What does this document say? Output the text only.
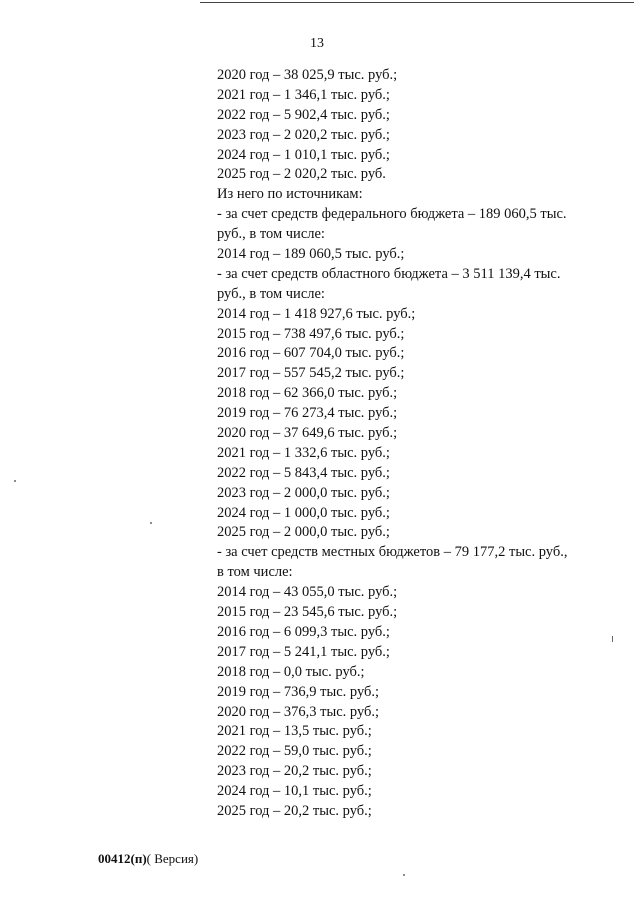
13
2020 год – 38 025,9 тыс. руб.;
2021 год – 1 346,1 тыс. руб.;
2022 год – 5 902,4 тыс. руб.;
2023 год – 2 020,2 тыс. руб.;
2024 год – 1 010,1 тыс. руб.;
2025 год – 2 020,2 тыс. руб.
Из него по источникам:
- за счет средств федерального бюджета – 189 060,5 тыс.
руб., в том числе:
2014 год – 189 060,5 тыс. руб.;
- за счет средств областного бюджета – 3 511 139,4 тыс.
руб., в том числе:
2014 год – 1 418 927,6 тыс. руб.;
2015 год – 738 497,6 тыс. руб.;
2016 год – 607 704,0 тыс. руб.;
2017 год – 557 545,2 тыс. руб.;
2018 год – 62 366,0 тыс. руб.;
2019 год – 76 273,4 тыс. руб.;
2020 год – 37 649,6 тыс. руб.;
2021 год – 1 332,6 тыс. руб.;
2022 год – 5 843,4 тыс. руб.;
2023 год – 2 000,0 тыс. руб.;
2024 год – 1 000,0 тыс. руб.;
2025 год – 2 000,0 тыс. руб.;
- за счет средств местных бюджетов – 79 177,2 тыс. руб.,
в том числе:
2014 год – 43 055,0 тыс. руб.;
2015 год – 23 545,6 тыс. руб.;
2016 год – 6 099,3 тыс. руб.;
2017 год – 5 241,1 тыс. руб.;
2018 год – 0,0 тыс. руб.;
2019 год – 736,9 тыс. руб.;
2020 год – 376,3 тыс. руб.;
2021 год – 13,5 тыс. руб.;
2022 год – 59,0 тыс. руб.;
2023 год – 20,2 тыс. руб.;
2024 год – 10,1 тыс. руб.;
2025 год – 20,2 тыс. руб.;
00412(п)( Версия)
